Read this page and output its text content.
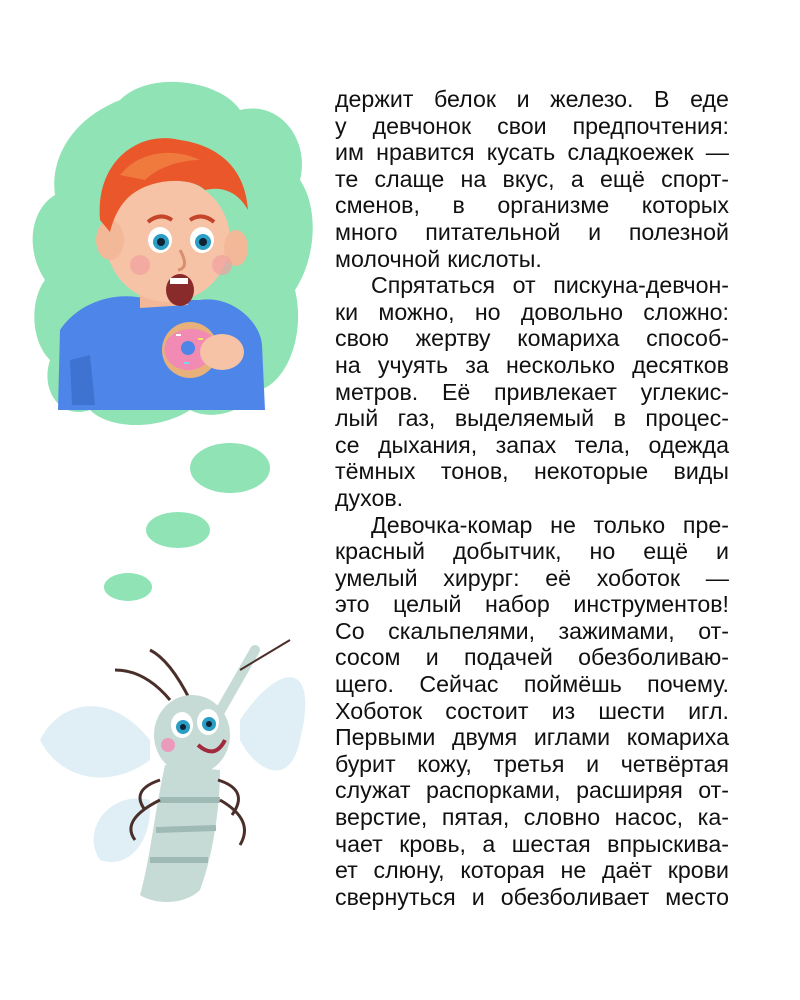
держит белок и железо. В еде
у девчонок свои предпочтения:
им нравится кусать сладкоежек —
те слаще на вкус, а ещё спорт-
сменов, в организме которых
много питательной и полезной
молочной кислоты.
Спрятаться от пискуна-девчон-
ки можно, но довольно сложно:
свою жертву комариха способ-
на учуять за несколько десятков
метров. Её привлекает углекис-
лый газ, выделяемый в процес-
се дыхания, запах тела, одежда
тёмных тонов, некоторые виды
духов.
Девочка-комар не только пре-
красный добытчик, но ещё и
умелый хирург: её хоботок —
это целый набор инструментов!
Со скальпелями, зажимами, от-
сосом и подачей обезболиваю-
щего. Сейчас поймёшь почему.
Хоботок состоит из шести игл.
Первыми двумя иглами комариха
бурит кожу, третья и четвёртая
служат распорками, расширяя от-
верстие, пятая, словно насос, ка-
чает кровь, а шестая впрыскива-
ет слюну, которая не даёт крови
свернуться и обезболивает место
